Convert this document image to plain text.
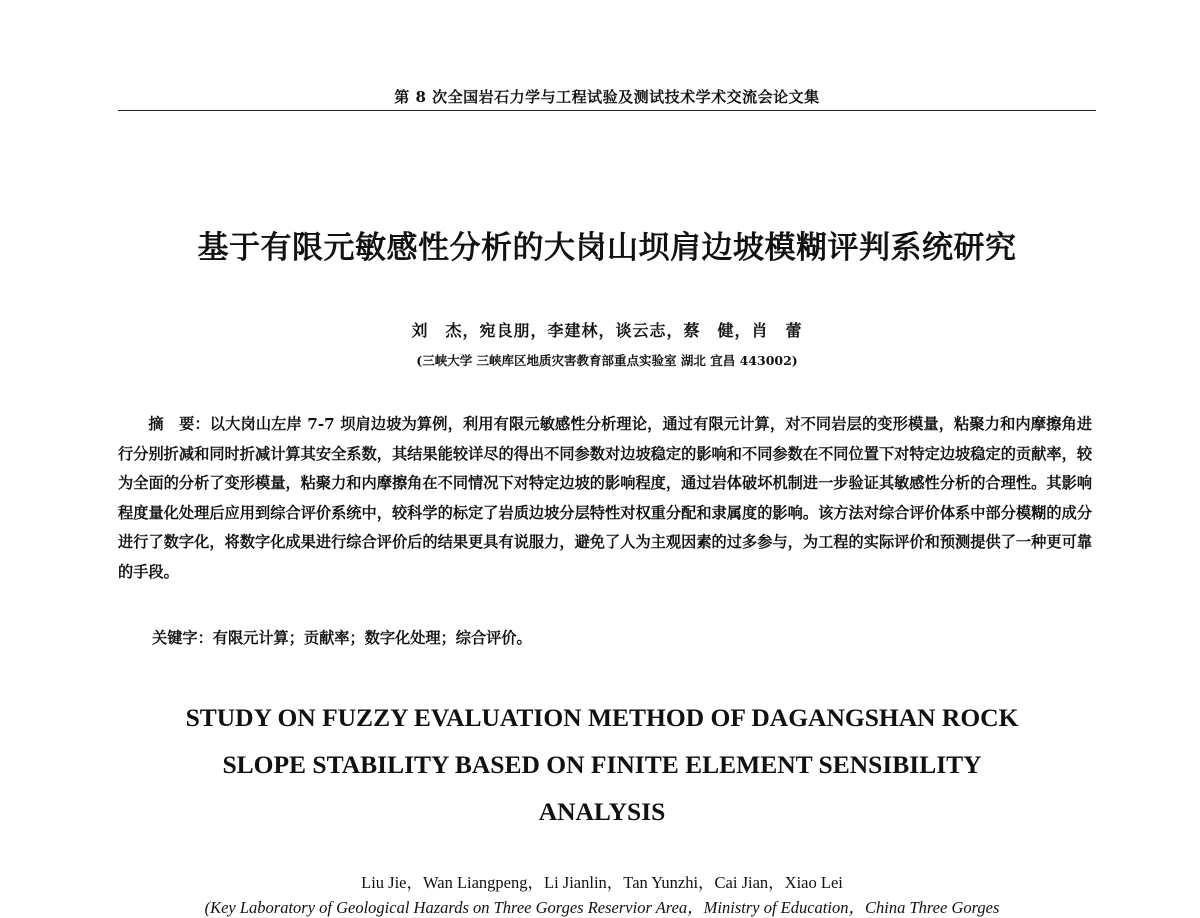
第 8 次全国岩石力学与工程试验及测试技术学术交流会论文集
基于有限元敏感性分析的大岗山坝肩边坡模糊评判系统研究
刘　杰，宛良朋，李建林，谈云志，蔡　健，肖　蕾
(三峡大学 三峡库区地质灾害教育部重点实验室 湖北 宜昌 443002)

摘　要：以大岗山左岸 7-7 坝肩边坡为算例，利用有限元敏感性分析理论，通过有限元计算，对不同岩层的变形模量，粘聚力和内摩擦角进行分别折减和同时折减计算其安全系数，其结果能较详尽的得出不同参数对边坡稳定的影响和不同参数在不同位置下对特定边坡稳定的贡献率，较为全面的分析了变形模量，粘聚力和内摩擦角在不同情况下对特定边坡的影响程度，通过岩体破坏机制进一步验证其敏感性分析的合理性。其影响程度量化处理后应用到综合评价系统中，较科学的标定了岩质边坡分层特性对权重分配和隶属度的影响。该方法对综合评价体系中部分模糊的成分进行了数字化，将数字化成果进行综合评价后的结果更具有说服力，避免了人为主观因素的过多参与，为工程的实际评价和预测提供了一种更可靠的手段。

关键字：有限元计算；贡献率；数字化处理；综合评价。
STUDY ON FUZZY EVALUATION METHOD OF DAGANGSHAN ROCK
SLOPE STABILITY BASED ON FINITE ELEMENT SENSIBILITY
ANALYSIS
Liu Jie，Wan Liangpeng，Li Jianlin，Tan Yunzhi，Cai Jian，Xiao Lei
(Key Laboratory of Geological Hazards on Three Gorges Reservior Area，Ministry of Education，China Three Gorges
